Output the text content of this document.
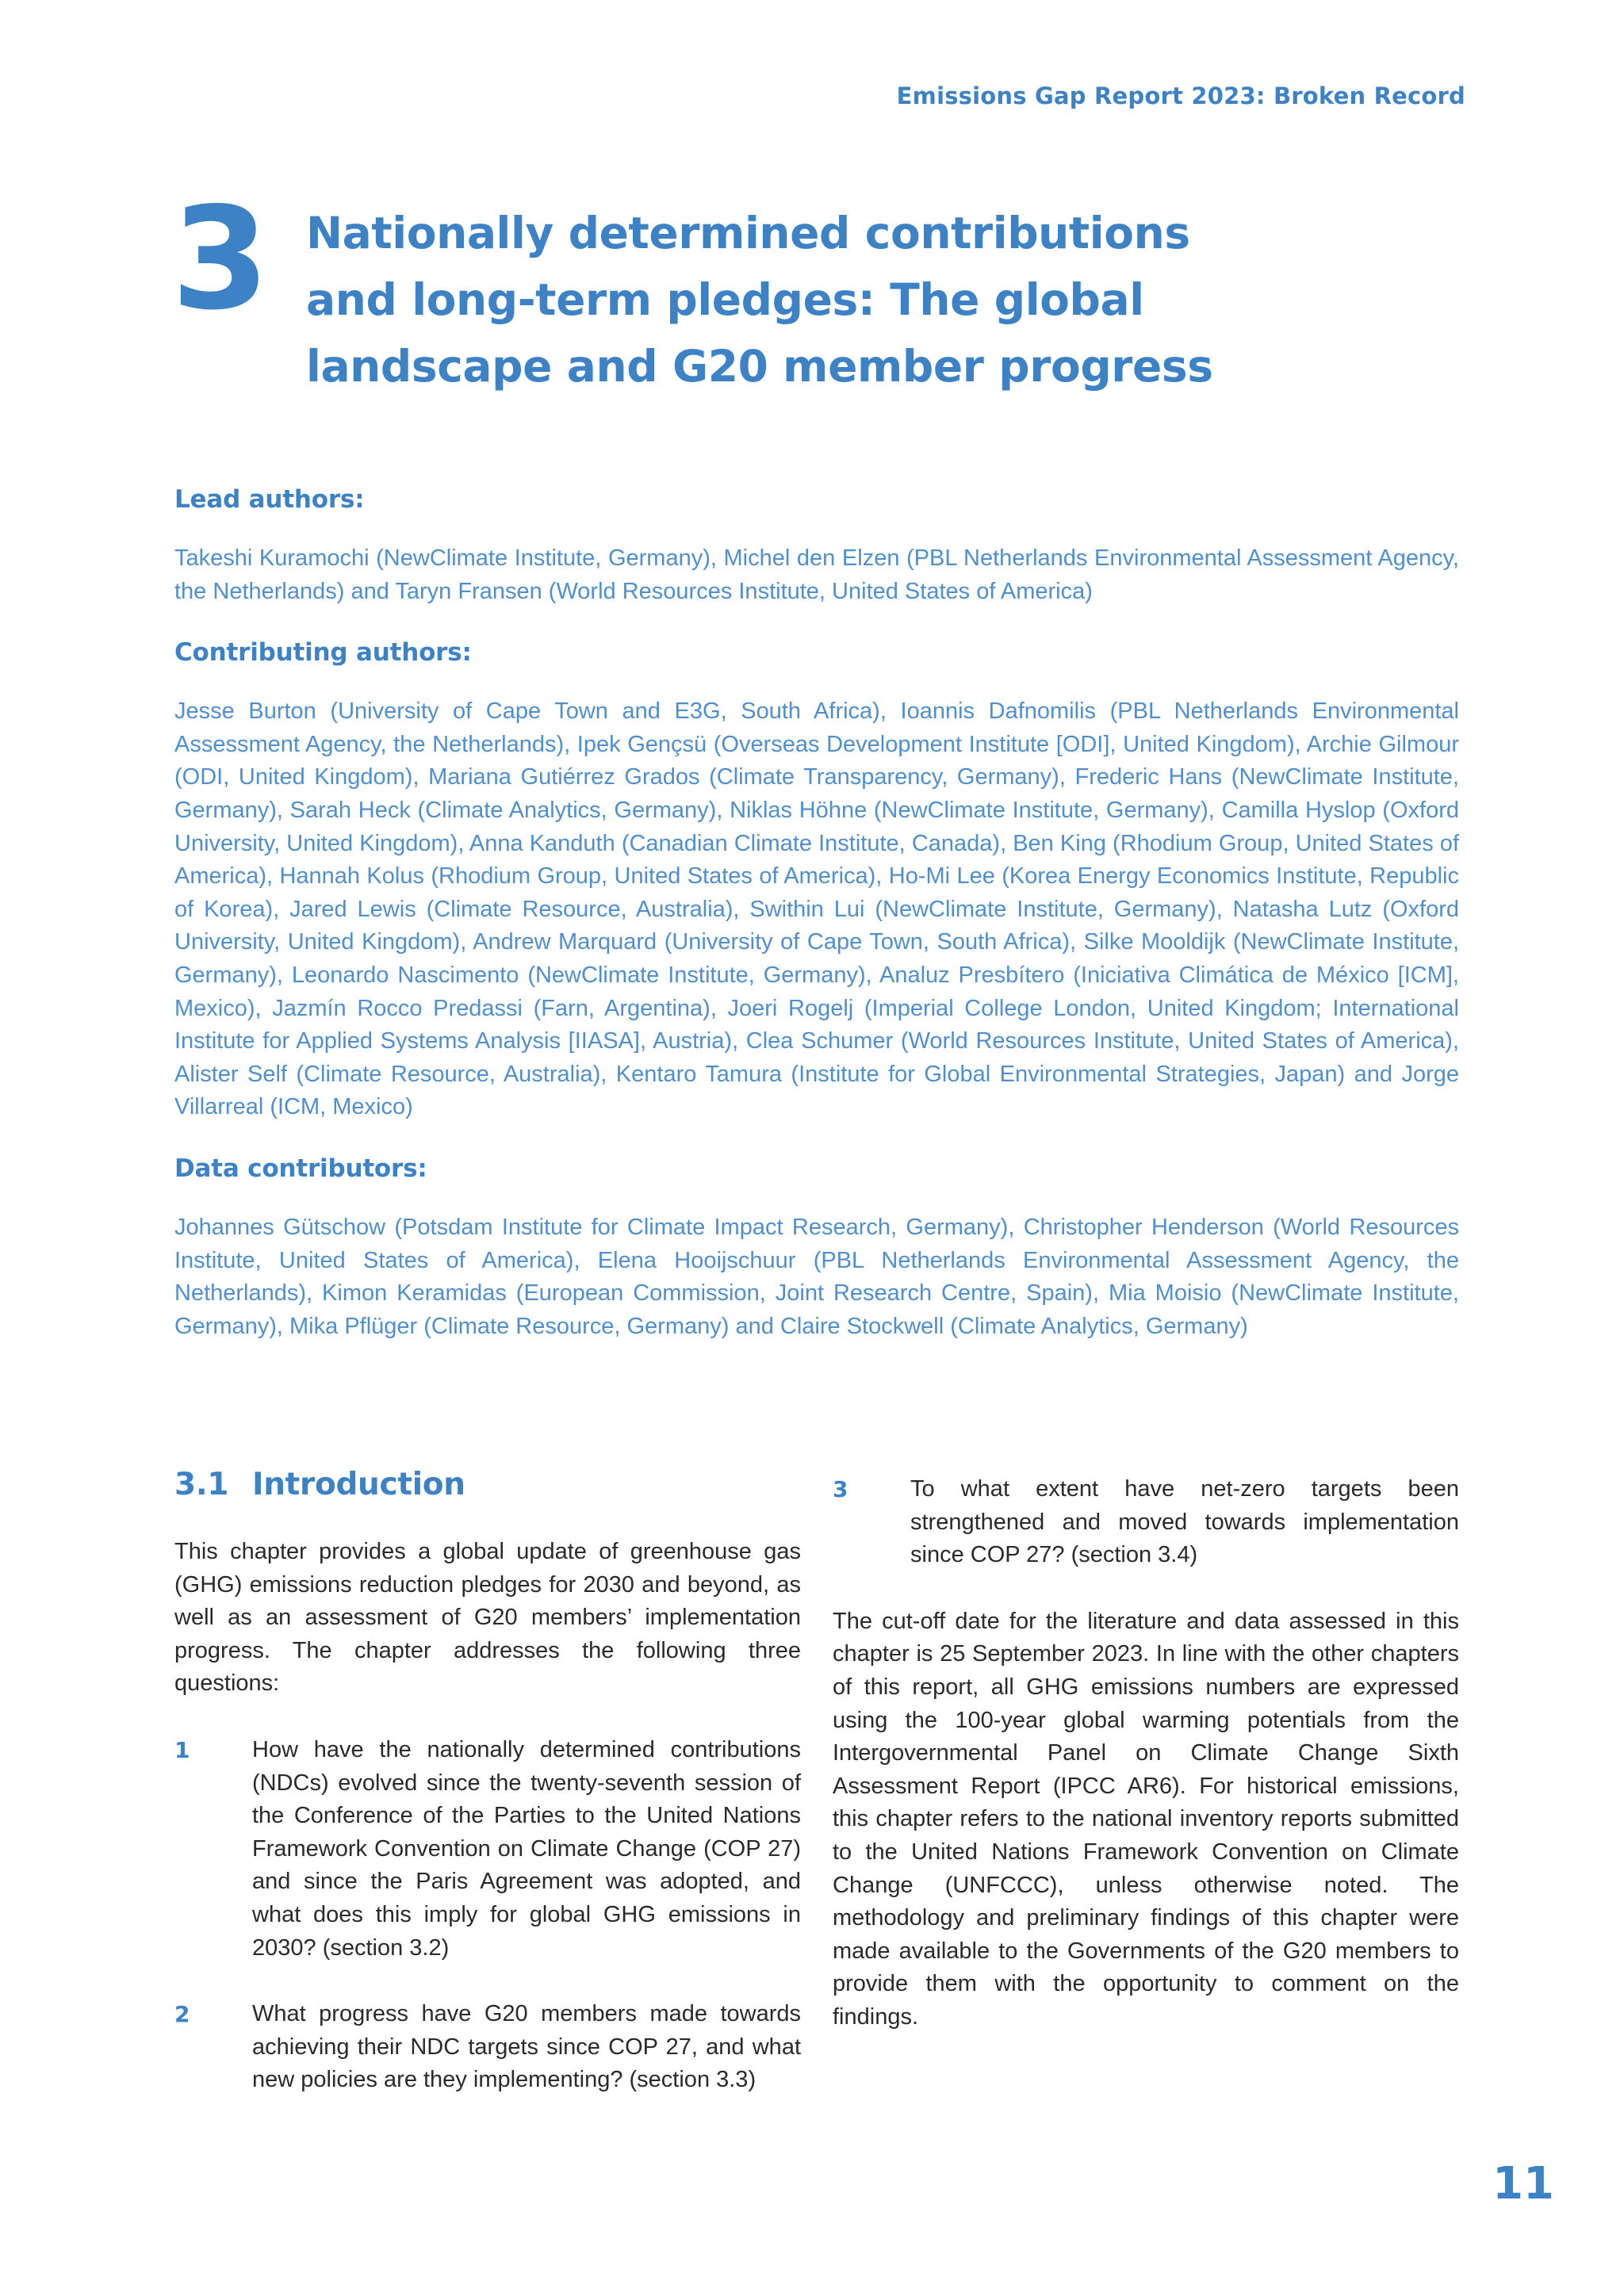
Emissions Gap Report 2023: Broken Record
3 Nationally determined contributions and long-term pledges: The global landscape and G20 member progress
Lead authors:

Takeshi Kuramochi (NewClimate Institute, Germany), Michel den Elzen (PBL Netherlands Environmental Assessment Agency, the Netherlands) and Taryn Fransen (World Resources Institute, United States of America)

Contributing authors:

Jesse Burton (University of Cape Town and E3G, South Africa), Ioannis Dafnomilis (PBL Netherlands Environmental Assessment Agency, the Netherlands), Ipek Gençsü (Overseas Development Institute [ODI], United Kingdom), Archie Gilmour (ODI, United Kingdom), Mariana Gutiérrez Grados (Climate Transparency, Germany), Frederic Hans (NewClimate Institute, Germany), Sarah Heck (Climate Analytics, Germany), Niklas Höhne (NewClimate Institute, Germany), Camilla Hyslop (Oxford University, United Kingdom), Anna Kanduth (Canadian Climate Institute, Canada), Ben King (Rhodium Group, United States of America), Hannah Kolus (Rhodium Group, United States of America), Ho-Mi Lee (Korea Energy Economics Institute, Republic of Korea), Jared Lewis (Climate Resource, Australia), Swithin Lui (NewClimate Institute, Germany), Natasha Lutz (Oxford University, United Kingdom), Andrew Marquard (University of Cape Town, South Africa), Silke Mooldijk (NewClimate Institute, Germany), Leonardo Nascimento (NewClimate Institute, Germany), Analuz Presbítero (Iniciativa Climática de México [ICM], Mexico), Jazmín Rocco Predassi (Farn, Argentina), Joeri Rogelj (Imperial College London, United Kingdom; International Institute for Applied Systems Analysis [IIASA], Austria), Clea Schumer (World Resources Institute, United States of America), Alister Self (Climate Resource, Australia), Kentaro Tamura (Institute for Global Environmental Strategies, Japan) and Jorge Villarreal (ICM, Mexico)

Data contributors:

Johannes Gütschow (Potsdam Institute for Climate Impact Research, Germany), Christopher Henderson (World Resources Institute, United States of America), Elena Hooijschuur (PBL Netherlands Environmental Assessment Agency, the Netherlands), Kimon Keramidas (European Commission, Joint Research Centre, Spain), Mia Moisio (NewClimate Institute, Germany), Mika Pflüger (Climate Resource, Germany) and Claire Stockwell (Climate Analytics, Germany)

3.1 Introduction

This chapter provides a global update of greenhouse gas (GHG) emissions reduction pledges for 2030 and beyond, as well as an assessment of G20 members’ implementation progress. The chapter addresses the following three questions:

1	How have the nationally determined contributions (NDCs) evolved since the twenty-seventh session of the Conference of the Parties to the United Nations Framework Convention on Climate Change (COP 27) and since the Paris Agreement was adopted, and what does this imply for global GHG emissions in 2030? (section 3.2)
2	What progress have G20 members made towards achieving their NDC targets since COP 27, and what new policies are they implementing? (section 3.3)
3	To what extent have net-zero targets been strengthened and moved towards implementation since COP 27? (section 3.4)

The cut-off date for the literature and data assessed in this chapter is 25 September 2023. In line with the other chapters of this report, all GHG emissions numbers are expressed using the 100-year global warming potentials from the Intergovernmental Panel on Climate Change Sixth Assessment Report (IPCC AR6). For historical emissions, this chapter refers to the national inventory reports submitted to the United Nations Framework Convention on Climate Change (UNFCCC), unless otherwise noted. The methodology and preliminary findings of this chapter were made available to the Governments of the G20 members to provide them with the opportunity to comment on the findings.

11
